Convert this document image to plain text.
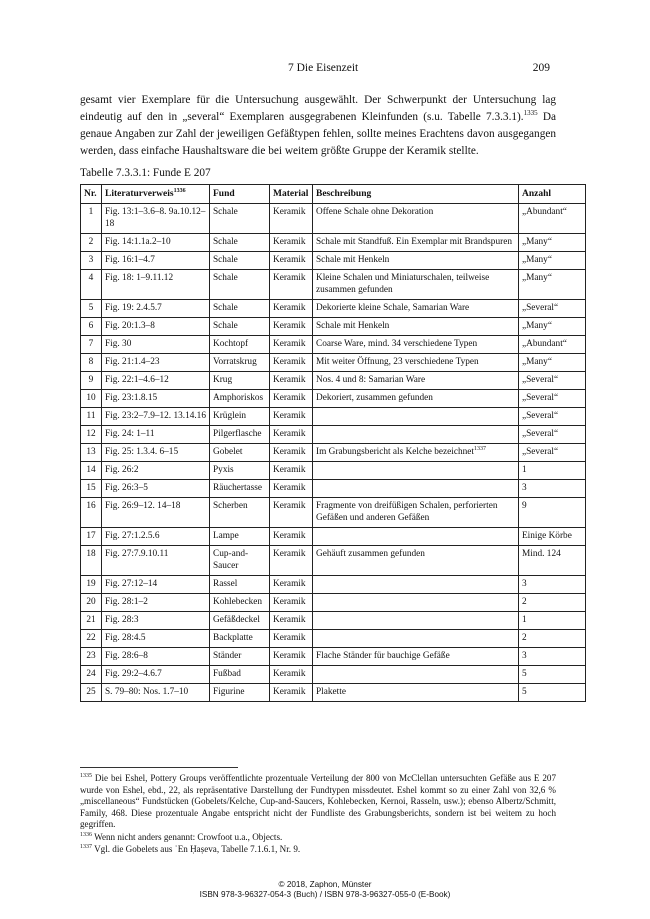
7 Die Eisenzeit	209
gesamt vier Exemplare für die Untersuchung ausgewählt. Der Schwerpunkt der Untersuchung lag eindeutig auf den in „several“ Exemplaren ausgegrabenen Kleinfunden (s.u. Tabelle 7.3.3.1).$^{1335}$ Da genaue Angaben zur Zahl der jeweiligen Gefäßtypen fehlen, sollte meines Erachtens davon ausgegangen werden, dass einfache Haushaltsware die bei weitem größte Gruppe der Keramik stellte.
Tabelle 7.3.3.1: Funde E 207
Nr.	Literaturverweis$^{1336}$	Fund	Material	Beschreibung	Anzahl
1	Fig. 13:1–3.6–8. 9a.10.12–18	Schale	Keramik	Offene Schale ohne Dekoration	„Abundant“
2	Fig. 14:1.1a.2–10	Schale	Keramik	Schale mit Standfuß. Ein Exemplar mit Brandspuren	„Many“
3	Fig. 16:1–4.7	Schale	Keramik	Schale mit Henkeln	„Many“
4	Fig. 18: 1–9.11.12	Schale	Keramik	Kleine Schalen und Miniaturschalen, teilweise zusammen gefunden	„Many“
5	Fig. 19: 2.4.5.7	Schale	Keramik	Dekorierte kleine Schale, Samarian Ware	„Several“
6	Fig. 20:1.3–8	Schale	Keramik	Schale mit Henkeln	„Many“
7	Fig. 30	Kochtopf	Keramik	Coarse Ware, mind. 34 verschiedene Typen	„Abundant“
8	Fig. 21:1.4–23	Vorratskrug	Keramik	Mit weiter Öffnung, 23 verschiedene Typen	„Many“
9	Fig. 22:1–4.6–12	Krug	Keramik	Nos. 4 und 8: Samarian Ware	„Several“
10	Fig. 23:1.8.15	Amphoriskos	Keramik	Dekoriert, zusammen gefunden	„Several“
11	Fig. 23:2–7.9–12. 13.14.16	Krüglein	Keramik		„Several“
12	Fig. 24: 1–11	Pilgerflasche	Keramik		„Several“
13	Fig. 25: 1.3.4. 6–15	Gobelet	Keramik	Im Grabungsbericht als Kelche bezeichnet$^{1337}$	„Several“
14	Fig. 26:2	Pyxis	Keramik		1
15	Fig. 26:3–5	Räuchertasse	Keramik		3
16	Fig. 26:9–12. 14–18	Scherben	Keramik	Fragmente von dreifüßigen Schalen, perforierten Gefäßen und anderen Gefäßen	9
17	Fig. 27:1.2.5.6	Lampe	Keramik		Einige Körbe
18	Fig. 27:7.9.10.11	Cup-and-Saucer	Keramik	Gehäuft zusammen gefunden	Mind. 124
19	Fig. 27:12–14	Rassel	Keramik		3
20	Fig. 28:1–2	Kohlebecken	Keramik		2
21	Fig. 28:3	Gefäßdeckel	Keramik		1
22	Fig. 28:4.5	Backplatte	Keramik		2
23	Fig. 28:6–8	Ständer	Keramik	Flache Ständer für bauchige Gefäße	3
24	Fig. 29:2–4.6.7	Fußbad	Keramik		5
25	S. 79–80: Nos. 1.7–10	Figurine	Keramik	Plakette	5

$^{1335}$ Die bei Eshel, Pottery Groups veröffentlichte prozentuale Verteilung der 800 von McClellan untersuchten Gefäße aus E 207 wurde von Eshel, ebd., 22, als repräsentative Darstellung der Fundtypen missdeutet. Eshel kommt so zu einer Zahl von 32,6 % „miscellaneous“ Fundstücken (Gobelets/Kelche, Cup-and-Saucers, Kohlebecken, Kernoi, Rasseln, usw.); ebenso Albertz/Schmitt, Family, 468. Diese prozentuale Angabe entspricht nicht der Fundliste des Grabungsberichts, sondern ist bei weitem zu hoch gegriffen.

$^{1336}$ Wenn nicht anders genannt: Crowfoot u.a., Objects.

$^{1337}$ Vgl. die Gobelets aus ʿEn Ḥaṣeva, Tabelle 7.1.6.1, Nr. 9.

© 2018, Zaphon, Münster
ISBN 978-3-96327-054-3 (Buch) / ISBN 978-3-96327-055-0 (E-Book)
